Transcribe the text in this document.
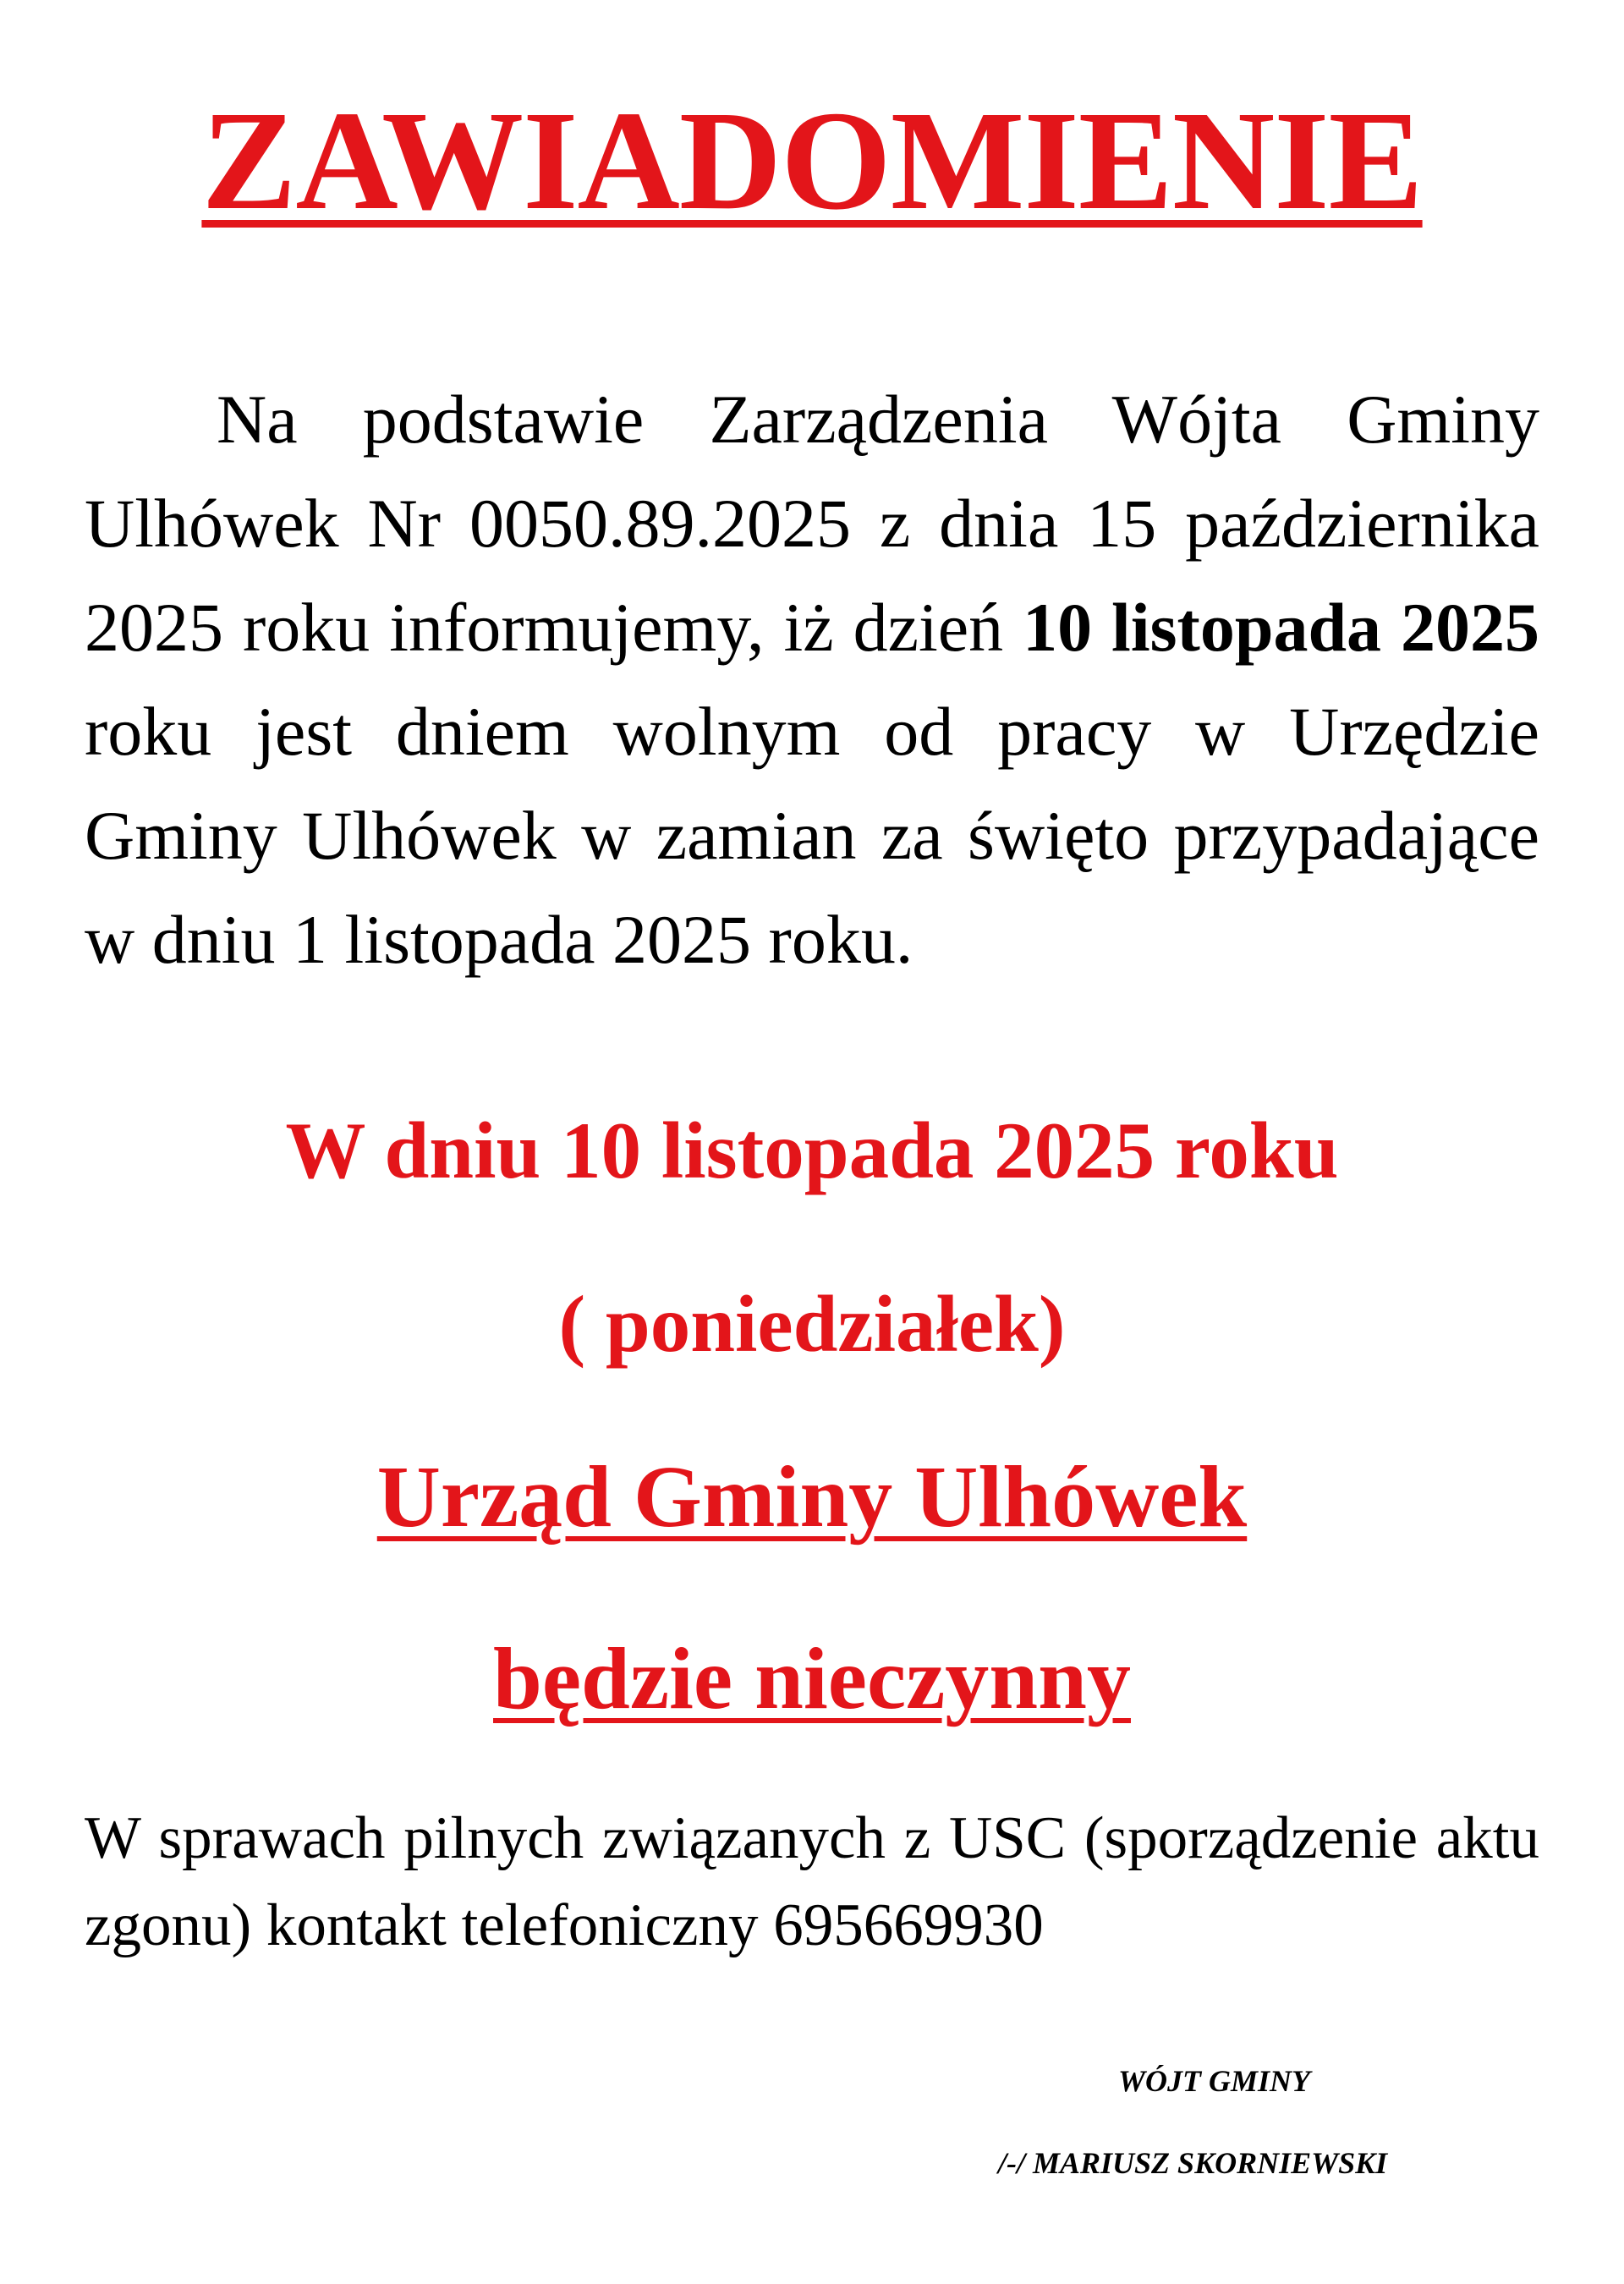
ZAWIADOMIENIE

Na podstawie Zarządzenia Wójta Gminy Ulhówek Nr 0050.89.2025 z dnia 15 października 2025 roku informujemy, iż dzień 10 listopada 2025 roku jest dniem wolnym od pracy w Urzędzie Gminy Ulhówek w zamian za święto przypadające w dniu 1 listopada 2025 roku.

W dniu 10 listopada 2025 roku
( poniedziałek)
Urząd Gminy Ulhówek
będzie nieczynny

W sprawach pilnych związanych z USC (sporządzenie aktu zgonu) kontakt telefoniczny 695669930

WÓJT GMINY
/-/ MARIUSZ SKORNIEWSKI
